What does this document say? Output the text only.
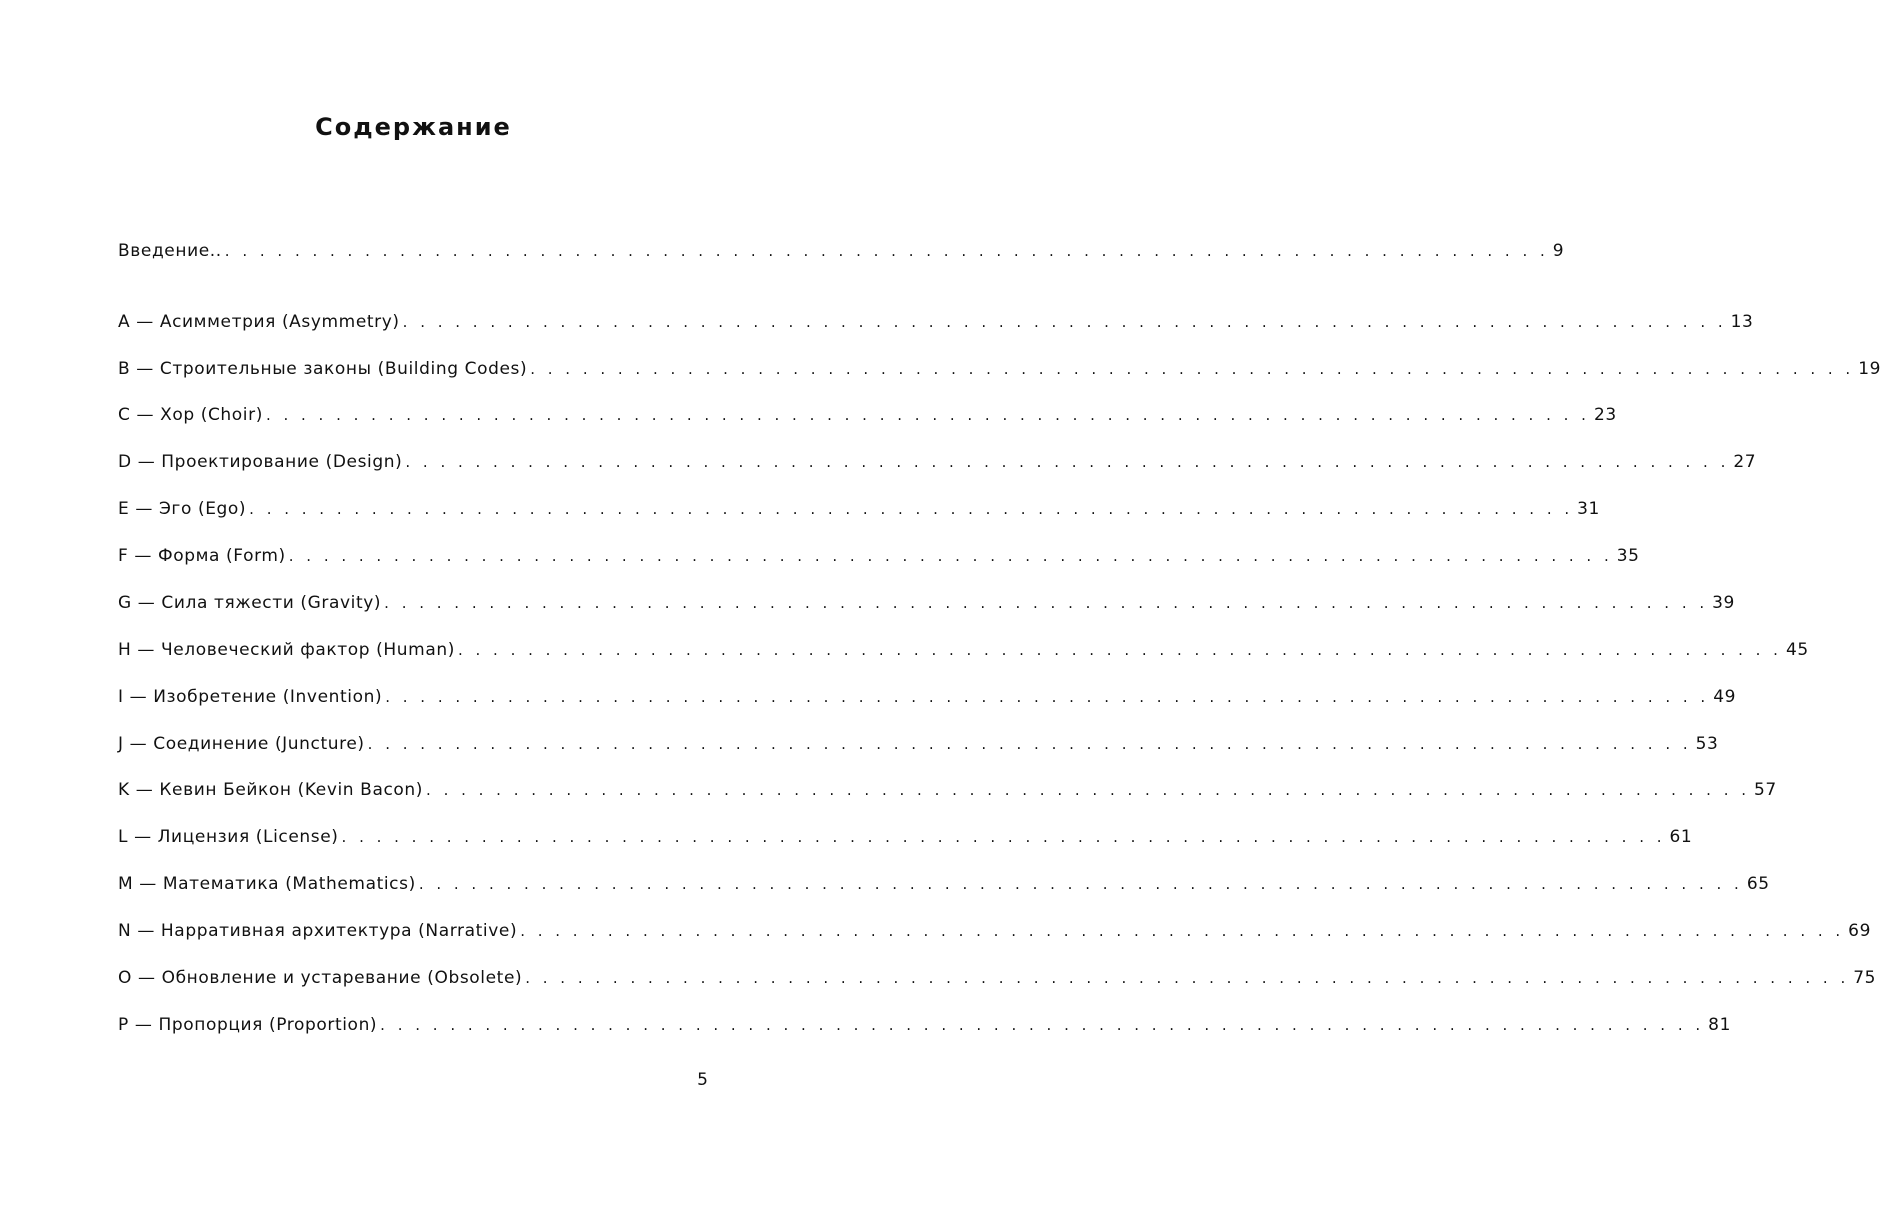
Содержание
Введение.. . . . . . . . . . . . . . . . . . . . . . . . . . . . . . . . . . . . . . . . . . . . . . . . . . . . . . . . . . . . . . . . . . . . . . . . . . . . . 9
A — Асимметрия (Asymmetry) . . . . . . . . . . . . . . . . . . . . . . . . . . . . . . . . . . . . . . . . . . . . . . . . . . . . . . . . . . . . . . . . . . . . . . . . . . . . 13
B — Строительные законы (Building Codes) . . . . . . . . . . . . . . . . . . . . . . . . . . . . . . . . . . . . . . . . . . . . . . . . . . . . . . . . . . . . . . . . . . . . . . . . . . . . 19
C — Хор (Choir) . . . . . . . . . . . . . . . . . . . . . . . . . . . . . . . . . . . . . . . . . . . . . . . . . . . . . . . . . . . . . . . . . . . . . . . . . . . . 23
D — Проектирование (Design) . . . . . . . . . . . . . . . . . . . . . . . . . . . . . . . . . . . . . . . . . . . . . . . . . . . . . . . . . . . . . . . . . . . . . . . . . . . . 27
E — Эго (Ego) . . . . . . . . . . . . . . . . . . . . . . . . . . . . . . . . . . . . . . . . . . . . . . . . . . . . . . . . . . . . . . . . . . . . . . . . . . . . 31
F — Форма (Form) . . . . . . . . . . . . . . . . . . . . . . . . . . . . . . . . . . . . . . . . . . . . . . . . . . . . . . . . . . . . . . . . . . . . . . . . . . . . 35
G — Сила тяжести (Gravity) . . . . . . . . . . . . . . . . . . . . . . . . . . . . . . . . . . . . . . . . . . . . . . . . . . . . . . . . . . . . . . . . . . . . . . . . . . . . 39
H — Человеческий фактор (Human) . . . . . . . . . . . . . . . . . . . . . . . . . . . . . . . . . . . . . . . . . . . . . . . . . . . . . . . . . . . . . . . . . . . . . . . . . . . . 45
I — Изобретение (Invention) . . . . . . . . . . . . . . . . . . . . . . . . . . . . . . . . . . . . . . . . . . . . . . . . . . . . . . . . . . . . . . . . . . . . . . . . . . . . 49
J — Соединение (Juncture) . . . . . . . . . . . . . . . . . . . . . . . . . . . . . . . . . . . . . . . . . . . . . . . . . . . . . . . . . . . . . . . . . . . . . . . . . . . . 53
K — Кевин Бейкон (Kevin Bacon) . . . . . . . . . . . . . . . . . . . . . . . . . . . . . . . . . . . . . . . . . . . . . . . . . . . . . . . . . . . . . . . . . . . . . . . . . . . . 57
L — Лицензия (License) . . . . . . . . . . . . . . . . . . . . . . . . . . . . . . . . . . . . . . . . . . . . . . . . . . . . . . . . . . . . . . . . . . . . . . . . . . . . 61
M — Математика (Mathematics) . . . . . . . . . . . . . . . . . . . . . . . . . . . . . . . . . . . . . . . . . . . . . . . . . . . . . . . . . . . . . . . . . . . . . . . . . . . . 65
N — Нарративная архитектура (Narrative) . . . . . . . . . . . . . . . . . . . . . . . . . . . . . . . . . . . . . . . . . . . . . . . . . . . . . . . . . . . . . . . . . . . . . . . . . . . . 69
O — Обновление и устаревание (Obsolete) . . . . . . . . . . . . . . . . . . . . . . . . . . . . . . . . . . . . . . . . . . . . . . . . . . . . . . . . . . . . . . . . . . . . . . . . . . . . 75
P — Пропорция (Proportion) . . . . . . . . . . . . . . . . . . . . . . . . . . . . . . . . . . . . . . . . . . . . . . . . . . . . . . . . . . . . . . . . . . . . . . . . . . . . 81
5
